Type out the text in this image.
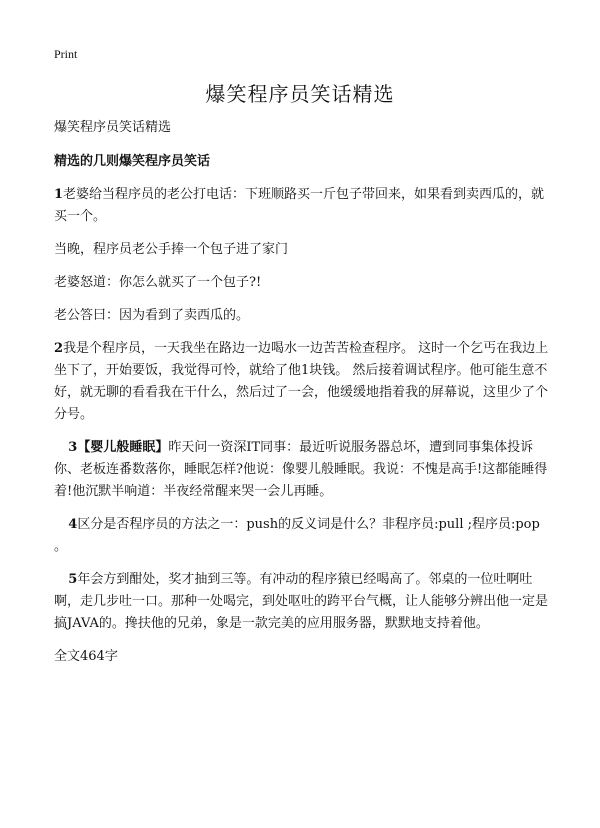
Print
爆笑程序员笑话精选

爆笑程序员笑话精选

精选的几则爆笑程序员笑话

1老婆给当程序员的老公打电话：下班顺路买一斤包子带回来，如果看到卖西瓜的，就买一个。

当晚，程序员老公手捧一个包子进了家门

老婆怒道：你怎么就买了一个包子?!

老公答曰：因为看到了卖西瓜的。

2我是个程序员，一天我坐在路边一边喝水一边苦苦检查程序。 这时一个乞丐在我边上坐下了，开始要饭，我觉得可怜，就给了他1块钱。 然后接着调试程序。他可能生意不好，就无聊的看看我在干什么，然后过了一会，他缓缓地指着我的屏幕说，这里少了个分号。

3【婴儿般睡眠】昨天问一资深IT同事：最近听说服务器总坏，遭到同事集体投诉你、老板连番数落你，睡眠怎样?他说：像婴儿般睡眠。我说：不愧是高手!这都能睡得着!他沉默半响道：半夜经常醒来哭一会儿再睡。

4区分是否程序员的方法之一：push的反义词是什么？非程序员:pull ;程序员:pop 。

5年会方到酣处，奖才抽到三等。有冲动的程序猿已经喝高了。邻桌的一位吐啊吐啊，走几步吐一口。那种一处喝完，到处呕吐的跨平台气概，让人能够分辨出他一定是搞JAVA的。搀扶他的兄弟，象是一款完美的应用服务器，默默地支持着他。

全文464字
